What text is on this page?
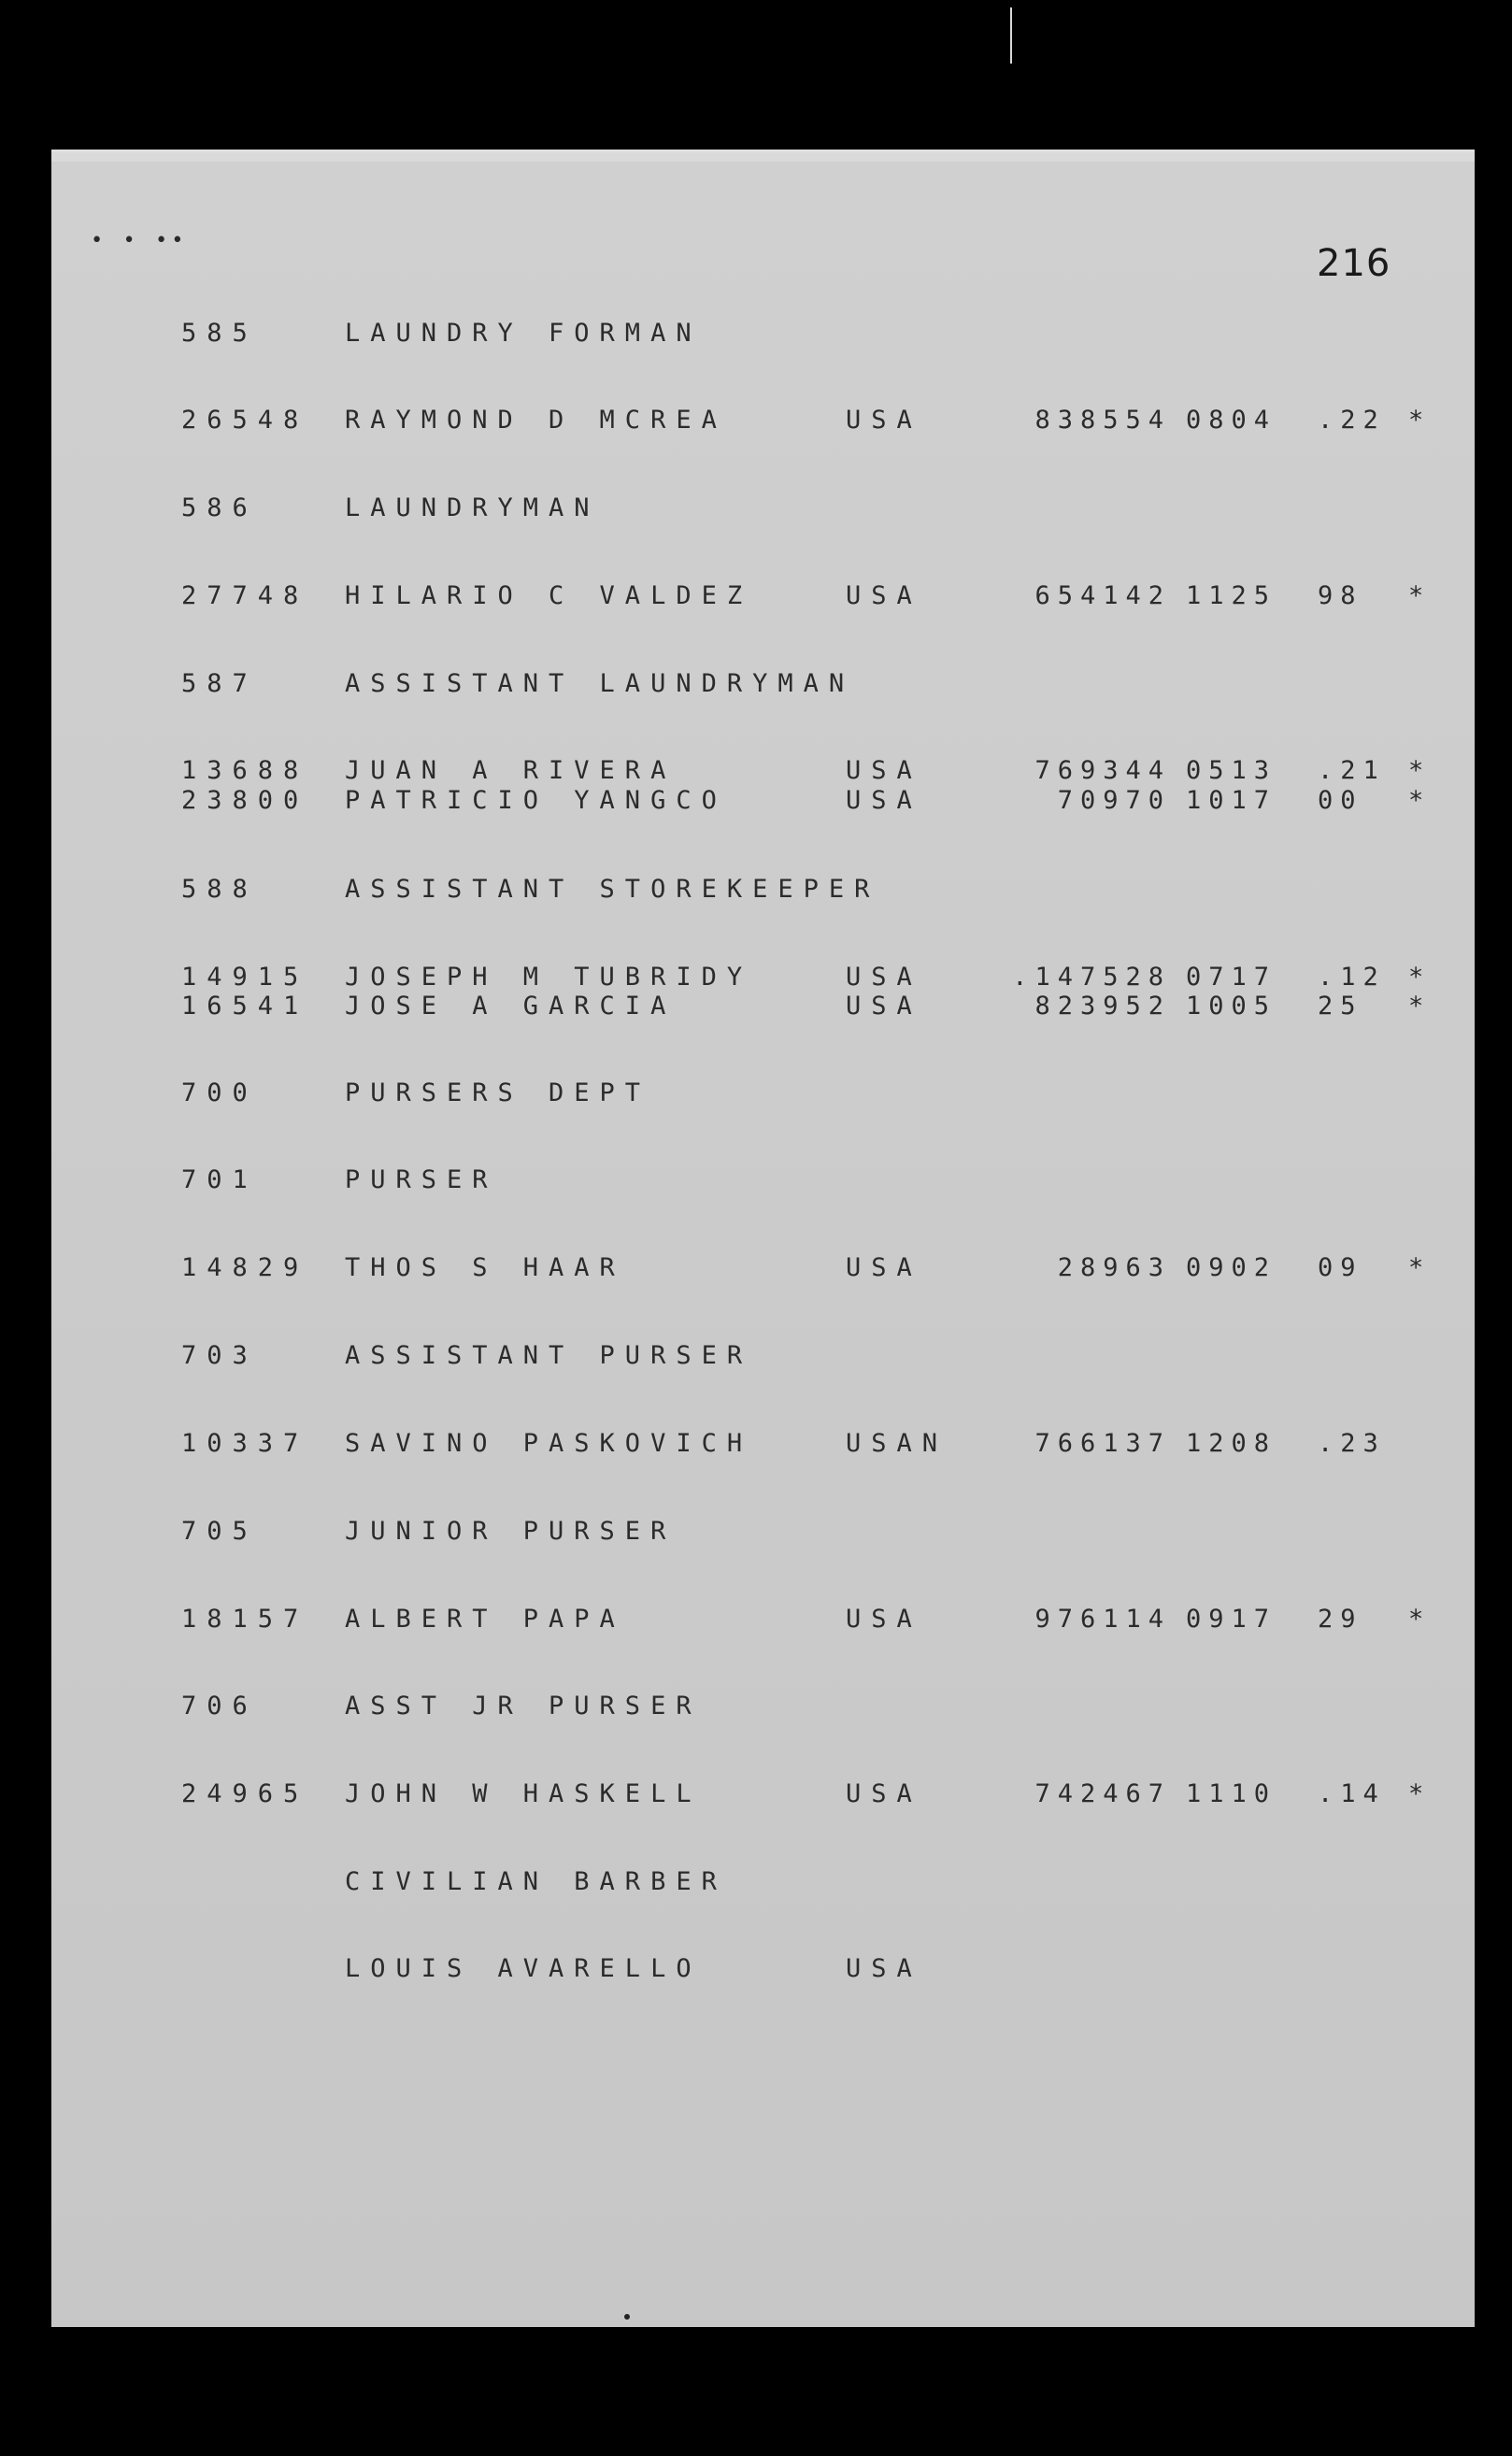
• • ••
216
585	LAUNDRY FORMAN
26548	RAYMOND D MCREA	USA	838554 0804	.22 *
586	LAUNDRYMAN
27748	HILARIO C VALDEZ	USA	654142 1125	98	*
587	ASSISTANT LAUNDRYMAN
13688	JUAN A RIVERA	USA	769344 0513	.21 *
23800	PATRICIO YANGCO	USA	70970 1017	00	*
588	ASSISTANT STOREKEEPER
14915	JOSEPH M TUBRIDY	USA	.147528 0717	.12 *
16541	JOSE A GARCIA	USA	823952 1005	25	*
700	PURSERS DEPT
701	PURSER
14829	THOS S HAAR	USA	28963 0902	09	*
703	ASSISTANT PURSER
10337	SAVINO PASKOVICH	USAN	766137 1208	.23
705	JUNIOR PURSER
18157	ALBERT PAPA	USA	976114 0917	29	*
706	ASST JR PURSER
24965	JOHN W HASKELL	USA	742467 1110	.14 *
CIVILIAN BARBER
LOUIS AVARELLO	USA
